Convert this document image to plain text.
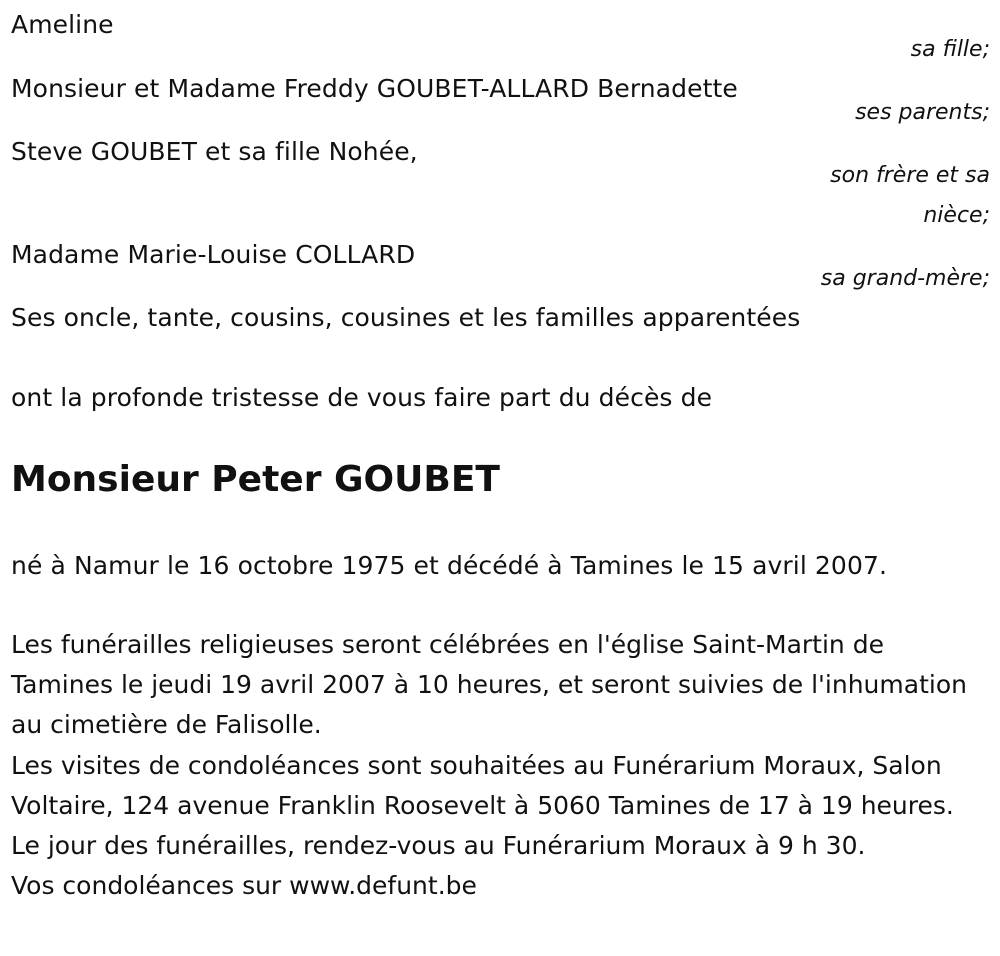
Ameline
sa fille;
Monsieur et Madame Freddy GOUBET-ALLARD Bernadette
ses parents;
Steve GOUBET et sa fille Nohée,
son frère et sa
nièce;
Madame Marie-Louise COLLARD
sa grand-mère;
Ses oncle, tante, cousins, cousines et les familles apparentées
ont la profonde tristesse de vous faire part du décès de
Monsieur Peter GOUBET
né à Namur le 16 octobre 1975 et décédé à Tamines le 15 avril 2007.

Les funérailles religieuses seront célébrées en l'église Saint-Martin de Tamines le jeudi 19 avril 2007 à 10 heures, et seront suivies de l'inhumation au cimetière de Falisolle.

Les visites de condoléances sont souhaitées au Funérarium Moraux, Salon Voltaire, 124 avenue Franklin Roosevelt à 5060 Tamines de 17 à 19 heures.

Le jour des funérailles, rendez-vous au Funérarium Moraux à 9 h 30.

Vos condoléances sur www.defunt.be
